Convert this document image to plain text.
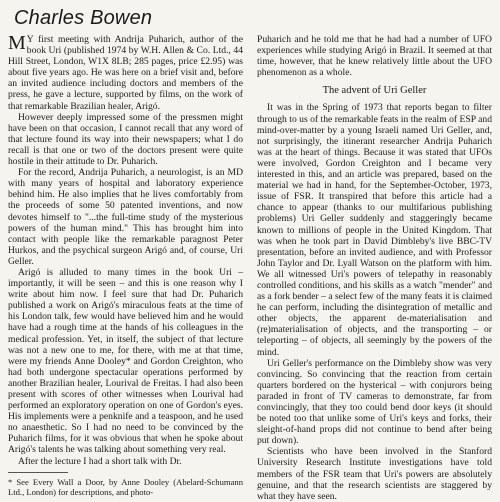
Charles Bowen

M Y first meeting with Andrija Puharich, author of the book Uri (published 1974 by W.H. Allen & Co. Ltd., 44 Hill Street, London, W1X 8LB; 285 pages, price £2.95) was about five years ago. He was here on a brief visit and, before an invited audience including doctors and members of the press, he gave a lecture, supported by films, on the work of that remarkable Brazilian healer, Arigó.

However deeply impressed some of the pressmen might have been on that occasion, I cannot recall that any word of that lecture found its way into their newspapers; what I do recall is that one or two of the doctors present were quite hostile in their attitude to Dr. Puharich.

For the record, Andrija Puharich, a neurologist, is an MD with many years of hospital and laboratory experience behind him. He also implies that he lives comfortably from the proceeds of some 50 patented inventions, and now devotes himself to "...the full-time study of the mysterious powers of the human mind." This has brought him into contact with people like the remarkable paragnost Peter Hurkos, and the psychical surgeon Arigó and, of course, Uri Geller.

Arigó is alluded to many times in the book Uri – importantly, it will be seen – and this is one reason why I write about him now. I feel sure that had Dr. Puharich published a work on Arigó's miraculous feats at the time of his London talk, few would have believed him and he would have had a rough time at the hands of his colleagues in the medical profession. Yet, in itself, the subject of that lecture was not a new one to me, for there, with me at that time, were my friends Anne Dooley* and Gordon Creighton, who had both undergone spectacular operations performed by another Brazilian healer, Lourival de Freitas. I had also been present with scores of other witnesses when Lourival had performed an exploratory operation on one of Gordon's eyes. His implements were a penknife and a teaspoon, and he used no anaesthetic. So I had no need to be convinced by the Puharich films, for it was obvious that when he spoke about Arigó's talents he was talking about something very real.

After the lecture I had a short talk with Dr.

* See Every Wall a Door, by Anne Dooley (Abelard-Schumann Ltd., London) for descriptions, and photo-

Puharich and he told me that he had had a number of UFO experiences while studying Arigó in Brazil. It seemed at that time, however, that he knew relatively little about the UFO phenomenon as a whole.

The advent of Uri Geller

It was in the Spring of 1973 that reports began to filter through to us of the remarkable feats in the realm of ESP and mind-over-matter by a young Israeli named Uri Geller, and, not surprisingly, the itinerant researcher Andrija Puharich was at the heart of things. Because it was stated that UFOs were involved, Gordon Creighton and I became very interested in this, and an article was prepared, based on the material we had in hand, for the September-October, 1973, issue of FSR. It transpired that before this article had a chance to appear (thanks to our multifarious publishing problems) Uri Geller suddenly and staggeringly became known to millions of people in the United Kingdom. That was when he took part in David Dimbleby's live BBC-TV presentation, before an invited audience, and with Professor John Taylor and Dr. Lyall Watson on the platform with him. We all witnessed Uri's powers of telepathy in reasonably controlled conditions, and his skills as a watch "mender" and as a fork bender – a select few of the many feats it is claimed he can perform, including the disintegration of metallic and other objects, the apparent de-materialisation and (re)materialisation of objects, and the transporting – or teleporting – of objects, all seemingly by the powers of the mind.

Uri Geller's performance on the Dimbleby show was very convincing. So convincing that the reaction from certain quarters bordered on the hysterical – with conjurors being paraded in front of TV cameras to demonstrate, far from convincingly, that they too could bend door keys (it should be noted too that unlike some of Uri's keys and forks, their sleight-of-hand props did not continue to bend after being put down).

Scientists who have been involved in the Stanford University Research Institute investigations have told members of the FSR team that Uri's powers are absolutely genuine, and that the research scientists are staggered by what they have seen.
